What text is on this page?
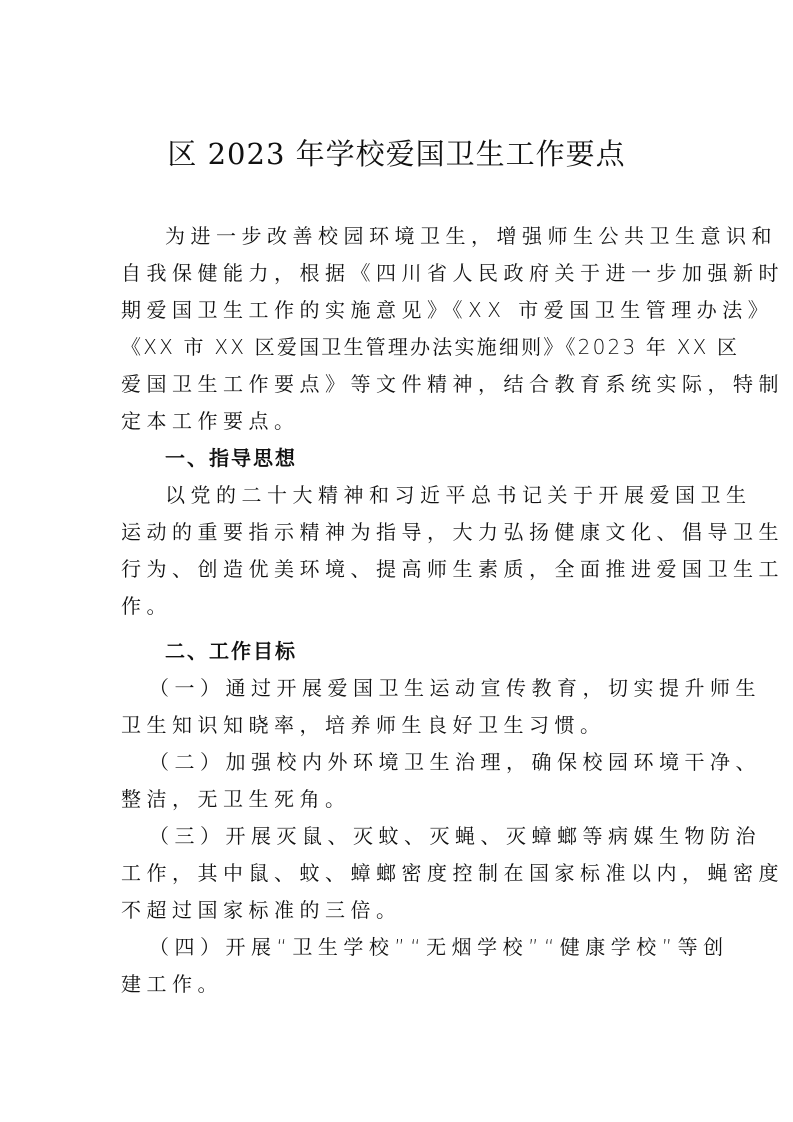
区 2023 年学校爱国卫生工作要点
为进一步改善校园环境卫生，增强师生公共卫生意识和
自我保健能力，根据《四川省人民政府关于进一步加强新时
期爱国卫生工作的实施意见》《XX 市爱国卫生管理办法》
《XX 市 XX 区爱国卫生管理办法实施细则》《2023 年 XX 区
爱国卫生工作要点》等文件精神，结合教育系统实际，特制
定本工作要点。
一、指导思想
以党的二十大精神和习近平总书记关于开展爱国卫生
运动的重要指示精神为指导，大力弘扬健康文化、倡导卫生
行为、创造优美环境、提高师生素质，全面推进爱国卫生工
作。
二、工作目标
（一）通过开展爱国卫生运动宣传教育，切实提升师生
卫生知识知晓率，培养师生良好卫生习惯。
（二）加强校内外环境卫生治理，确保校园环境干净、
整洁，无卫生死角。
（三）开展灭鼠、灭蚊、灭蝇、灭蟑螂等病媒生物防治
工作，其中鼠、蚊、蟑螂密度控制在国家标准以内，蝇密度
不超过国家标准的三倍。
（四）开展“卫生学校”“无烟学校”“健康学校”等创
建工作。
